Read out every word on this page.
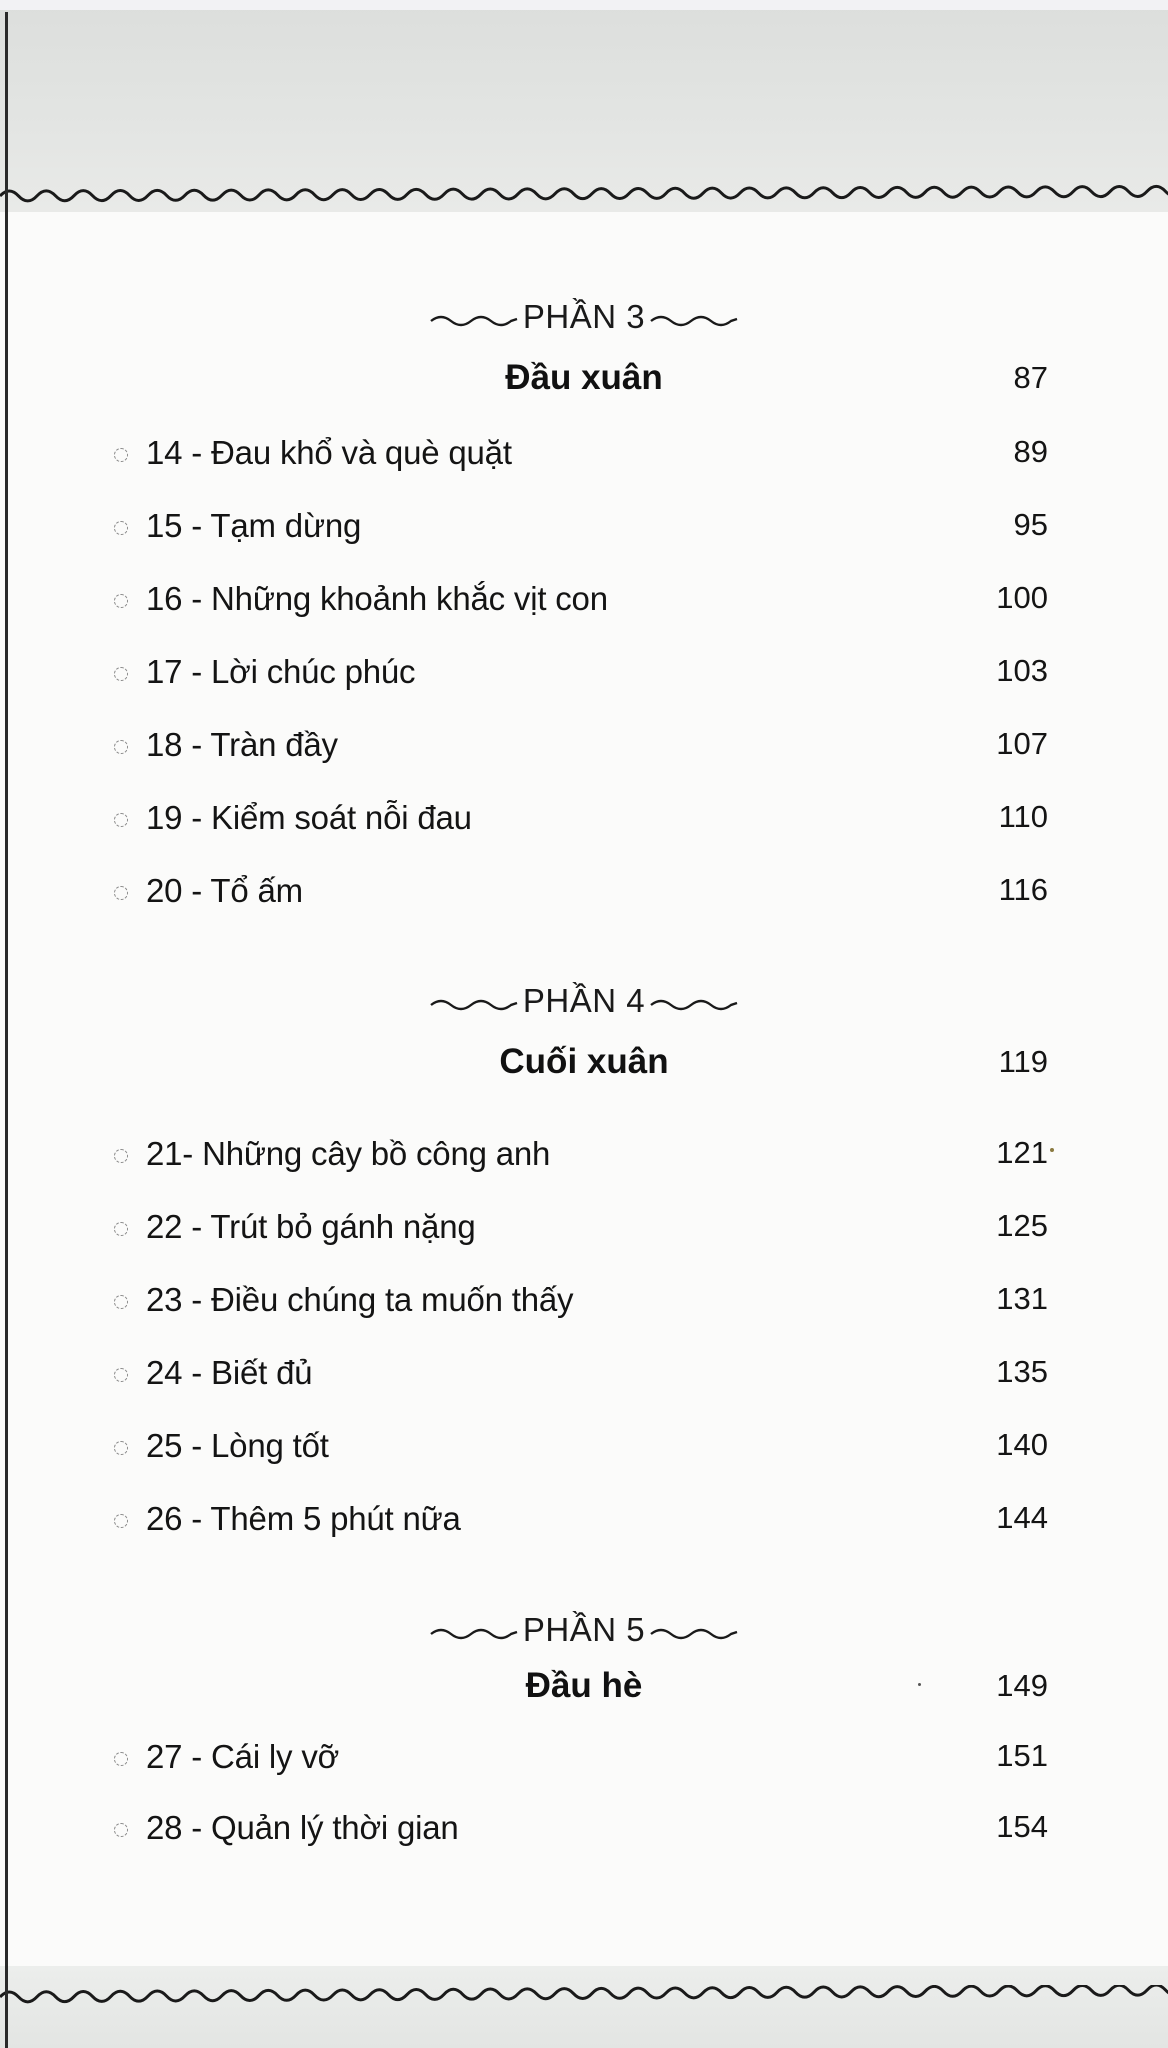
PHẦN 3
Đầu xuân	87
14 - Đau khổ và què quặt	89
15 - Tạm dừng	95
16 - Những khoảnh khắc vịt con	100
17 - Lời chúc phúc	103
18 - Tràn đầy	107
19 - Kiểm soát nỗi đau	110
20 - Tổ ấm	116
PHẦN 4
Cuối xuân	119
21- Những cây bồ công anh	121
22 - Trút bỏ gánh nặng	125
23 - Điều chúng ta muốn thấy	131
24 - Biết đủ	135
25 - Lòng tốt	140
26 - Thêm 5 phút nữa	144
PHẦN 5
Đầu hè	149
27 - Cái ly vỡ	151
28 - Quản lý thời gian	154
